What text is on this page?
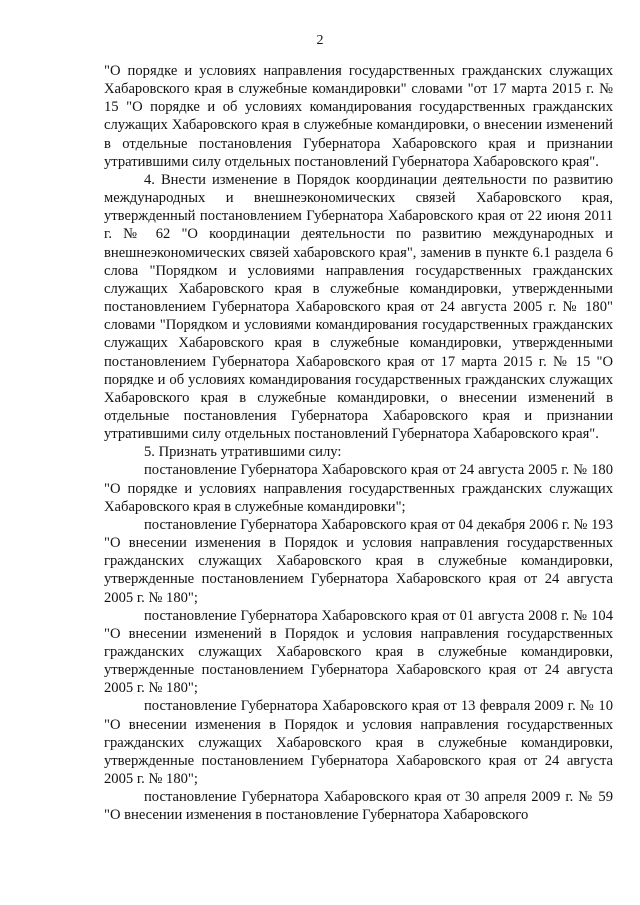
2

"О порядке и условиях направления государственных гражданских служащих Хабаровского края в служебные командировки" словами "от 17 марта 2015 г. № 15 "О порядке и об условиях командирования государственных гражданских служащих Хабаровского края в служебные командировки, о внесении изменений в отдельные постановления Губернатора Хабаровского края и признании утратившими силу отдельных постановлений Губернатора Хабаровского края".

4. Внести изменение в Порядок координации деятельности по развитию международных и внешнеэкономических связей Хабаровского края, утвержденный постановлением Губернатора Хабаровского края от 22 июня 2011 г. № 62 "О координации деятельности по развитию международных и внешнеэкономических связей хабаровского края", заменив в пункте 6.1 раздела 6 слова "Порядком и условиями направления государственных гражданских служащих Хабаровского края в служебные командировки, утвержденными постановлением Губернатора Хабаровского края от 24 августа 2005 г. № 180" словами "Порядком и условиями командирования государственных гражданских служащих Хабаровского края в служебные командировки, утвержденными постановлением Губернатора Хабаровского края от 17 марта 2015 г. № 15 "О порядке и об условиях командирования государственных гражданских служащих Хабаровского края в служебные командировки, о внесении изменений в отдельные постановления Губернатора Хабаровского края и признании утратившими силу отдельных постановлений Губернатора Хабаровского края".

5. Признать утратившими силу:

постановление Губернатора Хабаровского края от 24 августа 2005 г. № 180 "О порядке и условиях направления государственных гражданских служащих Хабаровского края в служебные командировки";

постановление Губернатора Хабаровского края от 04 декабря 2006 г. № 193 "О внесении изменения в Порядок и условия направления государственных гражданских служащих Хабаровского края в служебные командировки, утвержденные постановлением Губернатора Хабаровского края от 24 августа 2005 г. № 180";

постановление Губернатора Хабаровского края от 01 августа 2008 г. № 104 "О внесении изменений в Порядок и условия направления государственных гражданских служащих Хабаровского края в служебные командировки, утвержденные постановлением Губернатора Хабаровского края от 24 августа 2005 г. № 180";

постановление Губернатора Хабаровского края от 13 февраля 2009 г. № 10 "О внесении изменения в Порядок и условия направления государственных гражданских служащих Хабаровского края в служебные командировки, утвержденные постановлением Губернатора Хабаровского края от 24 августа 2005 г. № 180";

постановление Губернатора Хабаровского края от 30 апреля 2009 г. № 59 "О внесении изменения в постановление Губернатора Хабаровского
